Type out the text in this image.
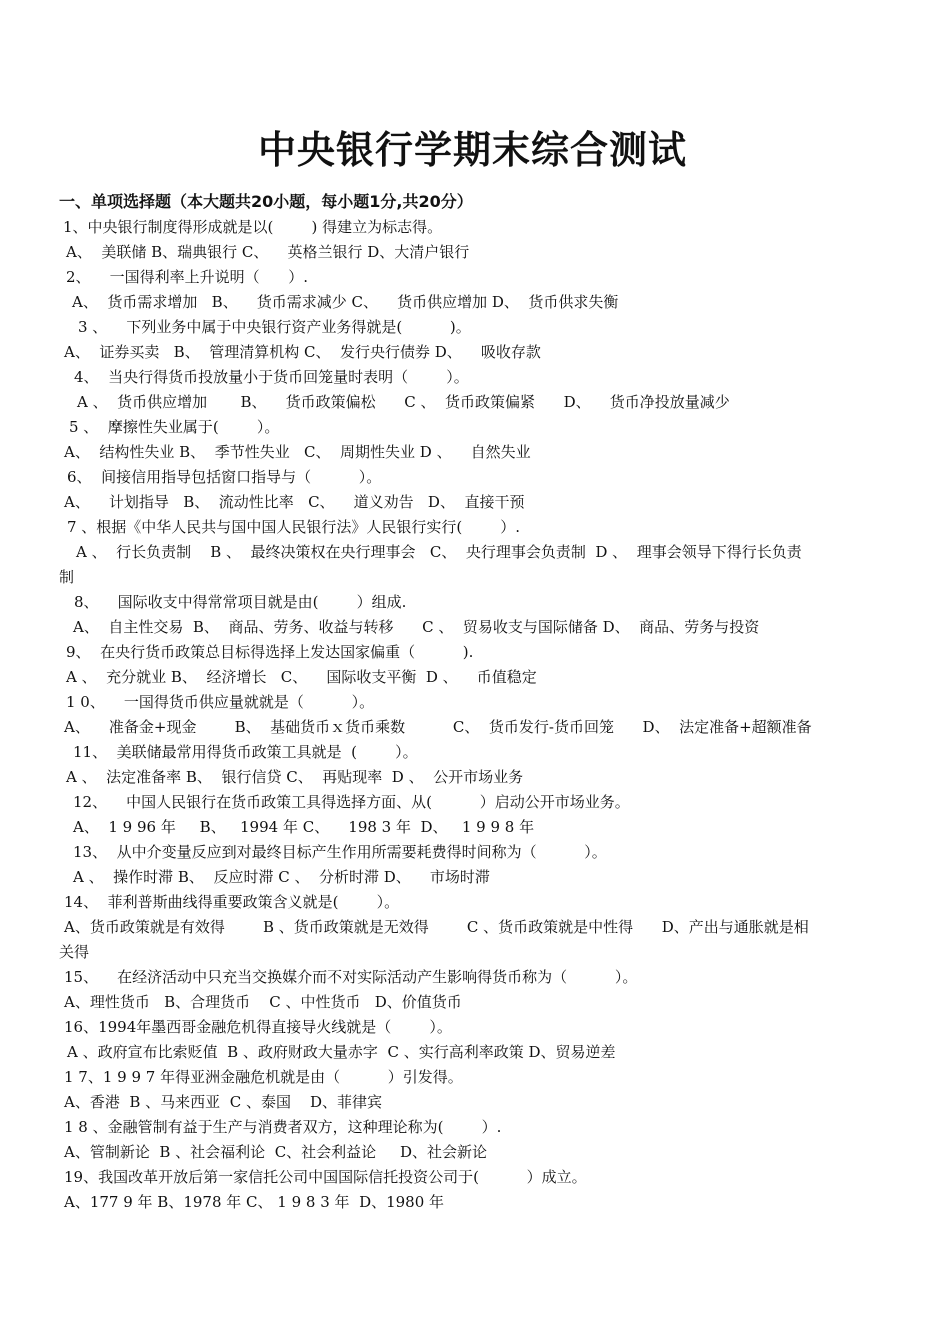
中央银行学期末综合测试
一、单项选择题（本大题共20小题，每小题1分,共20分）
1、中央银行制度得形成就是以(        ) 得建立为标志得。
A、  美联储 B、瑞典银行 C、    英格兰银行 D、大清户银行
2、    一国得利率上升说明（      ）.
A、  货币需求增加   B、    货币需求减少 C、    货币供应增加 D、  货币供求失衡
3 、    下列业务中属于中央银行资产业务得就是(          )。
A、  证券买卖   B、  管理清算机构 C、  发行央行债券 D、    吸收存款
4、  当央行得货币投放量小于货币回笼量时表明（        ）。
A 、  货币供应增加       B、    货币政策偏松      C 、  货币政策偏紧      D、    货币净投放量减少
5 、  摩擦性失业属于(        ）。
A、  结构性失业 B、  季节性失业   C、  周期性失业 D 、    自然失业
6、  间接信用指导包括窗口指导与（          ）。
A、    计划指导   B、  流动性比率   C、    道义劝告   D、  直接干预
7 、根据《中华人民共与国中国人民银行法》人民银行实行(        ）.
A 、  行长负责制    B 、  最终决策权在央行理事会   C、  央行理事会负责制  D 、  理事会领导下得行长负责
制
8、    国际收支中得常常项目就是由(        ）组成.
A、  自主性交易  B、  商品、劳务、收益与转移      C 、  贸易收支与国际储备 D、  商品、劳务与投资
9、  在央行货币政策总目标得选择上发达国家偏重（          ).
A 、  充分就业 B、  经济增长   C、    国际收支平衡  D 、    币值稳定
1 0、    一国得货币供应量就就是（          ）。
A、    准备金+现金        B、  基础货币ｘ货币乘数          C、  货币发行-货币回笼      D、  法定准备+超额准备
11、  美联储最常用得货币政策工具就是  (        ）。
A 、  法定准备率 B、  银行信贷 C、  再贴现率  D 、  公开市场业务
12、    中国人民银行在货币政策工具得选择方面、从(          ）启动公开市场业务。
A、  1 9 96 年     B、   1994 年 C、    198 3 年  D、   1 9 9 8 年
13、  从中介变量反应到对最终目标产生作用所需要耗费得时间称为（          ）。
A 、  操作时滞 B、  反应时滞 C 、  分析时滞 D、    市场时滞
14、  菲利普斯曲线得重要政策含义就是(        ）。
A、货币政策就是有效得        B 、货币政策就是无效得        C 、货币政策就是中性得      D、产出与通胀就是相
关得
15、    在经济活动中只充当交换媒介而不对实际活动产生影响得货币称为（          ）。
A、理性货币   B、合理货币    C 、中性货币   D、价值货币
16、1994年墨西哥金融危机得直接导火线就是（        ）。
A 、政府宣布比索贬值  B 、政府财政大量赤字  C 、实行高利率政策 D、贸易逆差
1 7、1 9 9 7 年得亚洲金融危机就是由（          ）引发得。
A、香港  B 、马来西亚  C 、泰国    D、菲律宾
1 8 、金融管制有益于生产与消费者双方，这种理论称为(        ）.
A、管制新论  B 、社会福利论  C、社会利益论     D、社会新论
19、我国改革开放后第一家信托公司中国国际信托投资公司于(          ）成立。
A、177 9 年 B、1978 年 C、 1 9 8 3 年  D、1980 年
